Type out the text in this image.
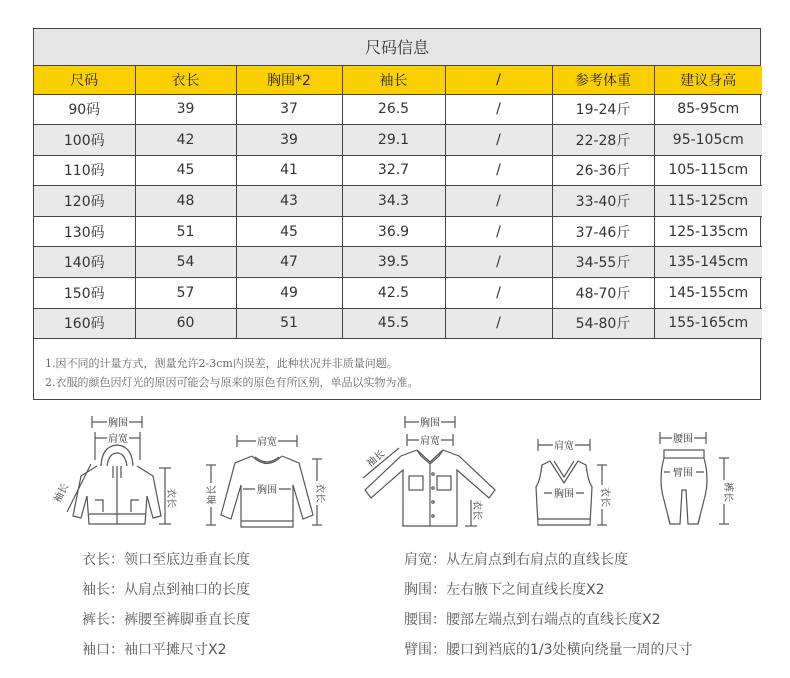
尺码信息
尺码	衣长	胸围*2	袖长	/	参考体重	建议身高
90码	39	37	26.5	/	19-24斤	85-95cm
100码	42	39	29.1	/	22-28斤	95-105cm
110码	45	41	32.7	/	26-36斤	105-115cm
120码	48	43	34.3	/	33-40斤	115-125cm
130码	51	45	36.9	/	37-46斤	125-135cm
140码	54	47	39.5	/	34-55斤	135-145cm
150码	57	49	42.5	/	48-70斤	145-155cm
160码	60	51	45.5	/	54-80斤	155-165cm
1.因不同的计量方式，测量允许2-3cm内误差，此种状况并非质量问题。
2.衣服的颜色因灯光的原因可能会与原来的原色有所区别，单品以实物为准。
胸围
肩宽
袖长	衣长
肩宽
胸围
袖长	衣长
胸围
肩宽
袖长
衣长
肩宽
胸围	衣长
腰围
臂围
裤长
衣长：领口至底边垂直长度
袖长：从肩点到袖口的长度
裤长：裤腰至裤脚垂直长度
袖口：袖口平摊尺寸X2
肩宽：从左肩点到右肩点的直线长度
胸围：左右腋下之间直线长度X2
腰围：腰部左端点到右端点的直线长度X2
臂围：腰口到裆底的1/3处横向绕量一周的尺寸
